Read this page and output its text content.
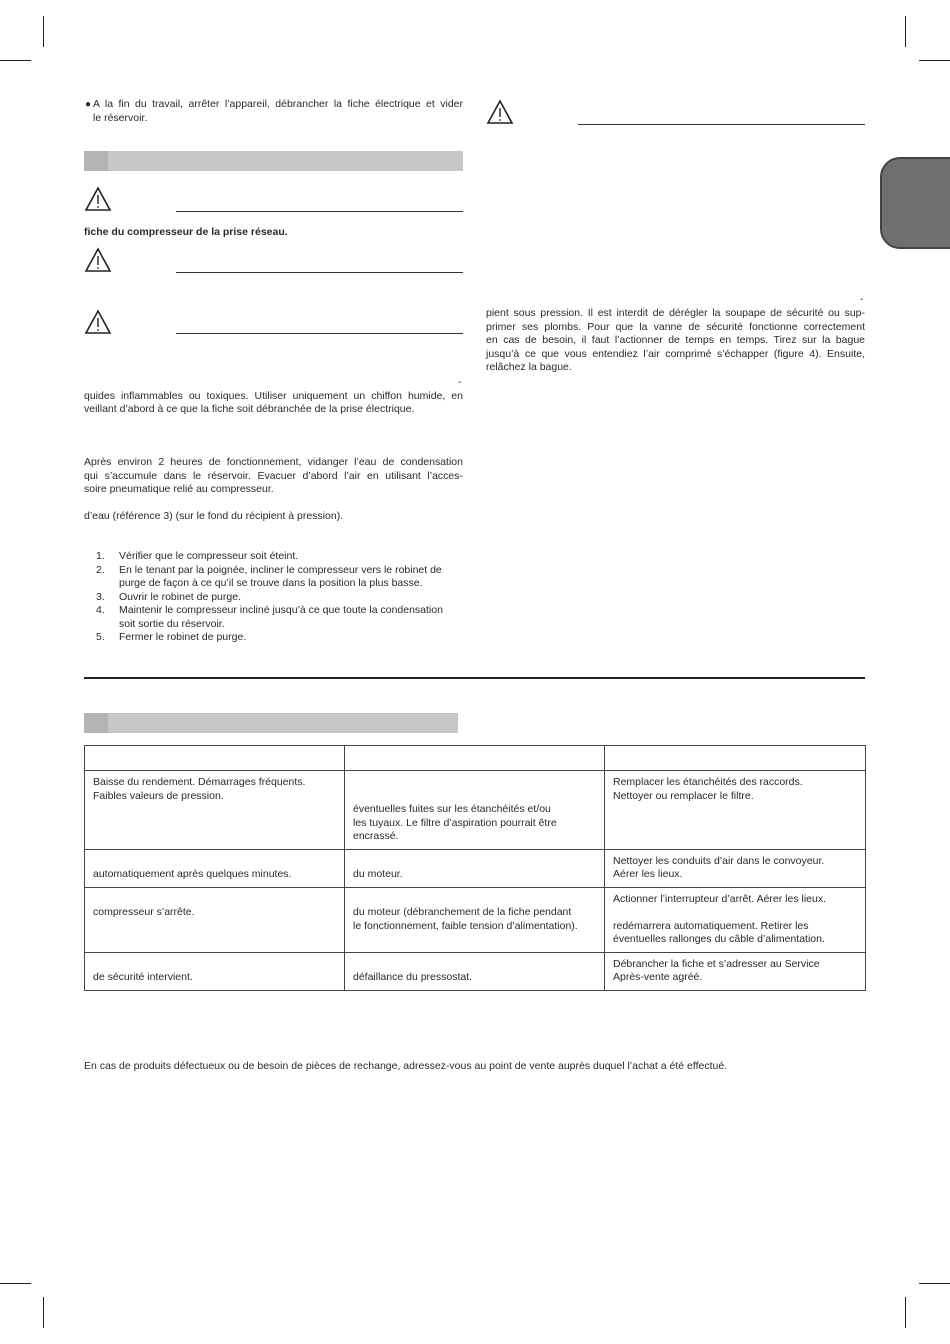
● A la fin du travail, arrêter l’appareil, débrancher la fiche électrique et vider
le réservoir.
fiche du compresseur de la prise réseau.
-
quides inflammables ou toxiques. Utiliser uniquement un chiffon humide, en
veillant d’abord à ce que la fiche soit débranchée de la prise électrique.
Après environ 2 heures de fonctionnement, vidanger l’eau de condensation
qui s’accumule dans le réservoir. Evacuer d’abord l’air en utilisant l’acces-
soire pneumatique relié au compresseur.
d’eau (référence 3) (sur le fond du récipient à pression).
1. Vérifier que le compresseur soit éteint.
2. En le tenant par la poignée, incliner le compresseur vers le robinet de
purge de façon à ce qu’il se trouve dans la position la plus basse.
3. Ouvrir le robinet de purge.
4. Maintenir le compresseur incliné jusqu’à ce que toute la condensation
soit sortie du réservoir.
5. Fermer le robinet de purge.
-
pient sous pression. Il est interdit de dérégler la soupape de sécurité ou sup-
primer ses plombs. Pour que la vanne de sécurité fonctionne correctement
en cas de besoin, il faut l’actionner de temps en temps. Tirez sur la bague
jusqu’à ce que vous entendiez l’air comprimé s’échapper (figure 4). Ensuite,
relâchez la bague.

Baisse du rendement. Démarrages fréquents.
Faibles valeurs de pression.	éventuelles fuites sur les étanchéités et/ou
les tuyaux. Le filtre d’aspiration pourrait être
encrassé.	Remplacer les étanchéités des raccords.
Nettoyer ou remplacer le filtre.

automatiquement après quelques minutes.	du moteur.	Nettoyer les conduits d’air dans le convoyeur.
Aérer les lieux.

compresseur s’arrête.	du moteur (débranchement de la fiche pendant
le fonctionnement, faible tension d’alimentation).	Actionner l’interrupteur d’arrêt. Aérer les lieux.
redémarrera automatiquement. Retirer les
éventuelles rallonges du câble d’alimentation.

de sécurité intervient.	défaillance du pressostat.	Débrancher la fiche et s’adresser au Service
Après-vente agréé.
En cas de produits défectueux ou de besoin de pièces de rechange, adressez-vous au point de vente auprès duquel l’achat a été effectué.
